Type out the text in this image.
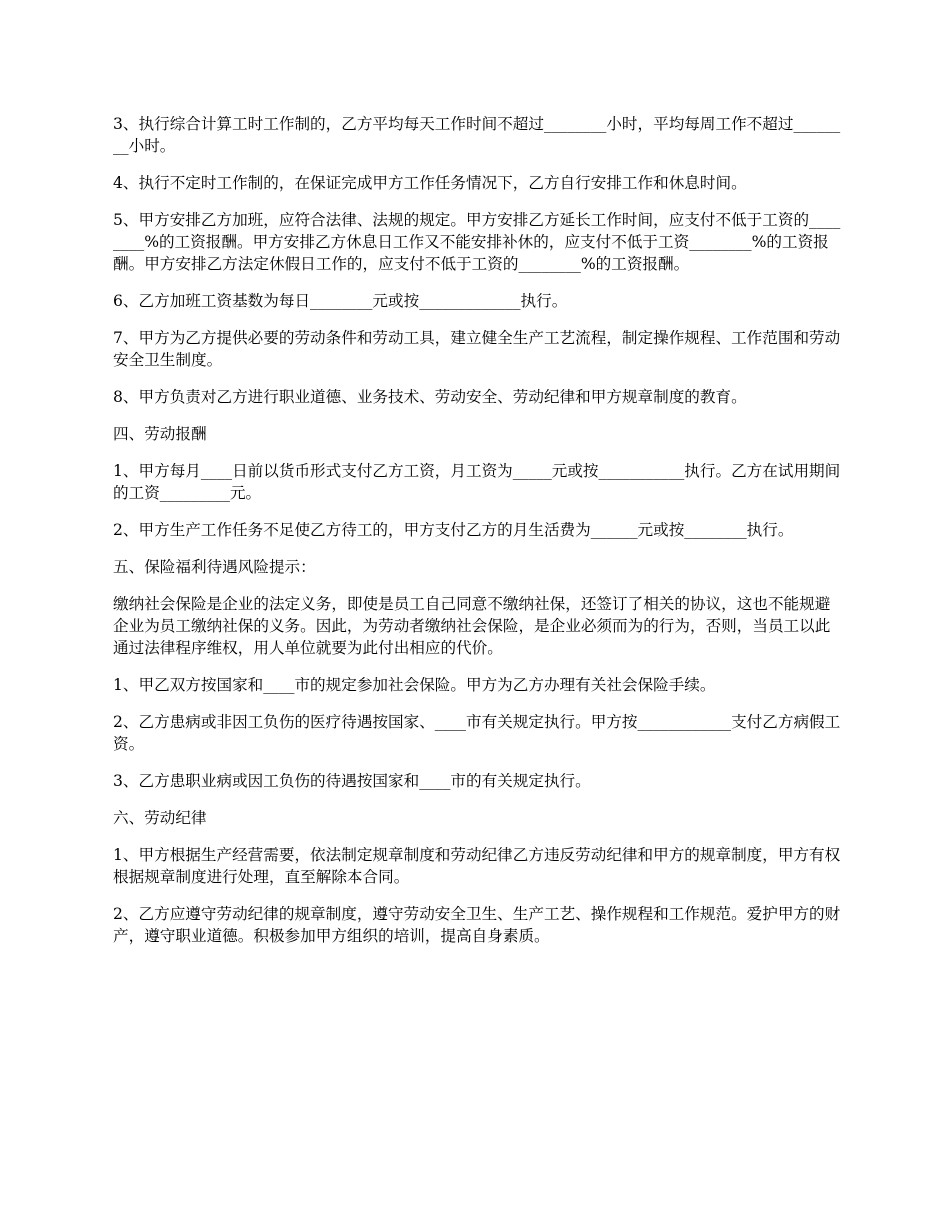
3、执行综合计算工时工作制的，乙方平均每天工作时间不超过________小时，平均每周工作不超过________小时。

4、执行不定时工作制的，在保证完成甲方工作任务情况下，乙方自行安排工作和休息时间。

5、甲方安排乙方加班，应符合法律、法规的规定。甲方安排乙方延长工作时间，应支付不低于工资的________%的工资报酬。甲方安排乙方休息日工作又不能安排补休的，应支付不低于工资________%的工资报酬。甲方安排乙方法定休假日工作的，应支付不低于工资的________%的工资报酬。

6、乙方加班工资基数为每日________元或按_____________执行。

7、甲方为乙方提供必要的劳动条件和劳动工具，建立健全生产工艺流程，制定操作规程、工作范围和劳动安全卫生制度。

8、甲方负责对乙方进行职业道德、业务技术、劳动安全、劳动纪律和甲方规章制度的教育。

四、劳动报酬

1、甲方每月____日前以货币形式支付乙方工资，月工资为_____元或按___________执行。乙方在试用期间的工资_________元。

2、甲方生产工作任务不足使乙方待工的，甲方支付乙方的月生活费为______元或按________执行。

五、保险福利待遇风险提示：

缴纳社会保险是企业的法定义务，即使是员工自己同意不缴纳社保，还签订了相关的协议，这也不能规避企业为员工缴纳社保的义务。因此，为劳动者缴纳社会保险，是企业必须而为的行为，否则，当员工以此通过法律程序维权，用人单位就要为此付出相应的代价。

1、甲乙双方按国家和____市的规定参加社会保险。甲方为乙方办理有关社会保险手续。

2、乙方患病或非因工负伤的医疗待遇按国家、____市有关规定执行。甲方按____________支付乙方病假工资。

3、乙方患职业病或因工负伤的待遇按国家和____市的有关规定执行。

六、劳动纪律

1、甲方根据生产经营需要，依法制定规章制度和劳动纪律乙方违反劳动纪律和甲方的规章制度，甲方有权根据规章制度进行处理，直至解除本合同。

2、乙方应遵守劳动纪律的规章制度，遵守劳动安全卫生、生产工艺、操作规程和工作规范。爱护甲方的财产，遵守职业道德。积极参加甲方组织的培训，提高自身素质。
